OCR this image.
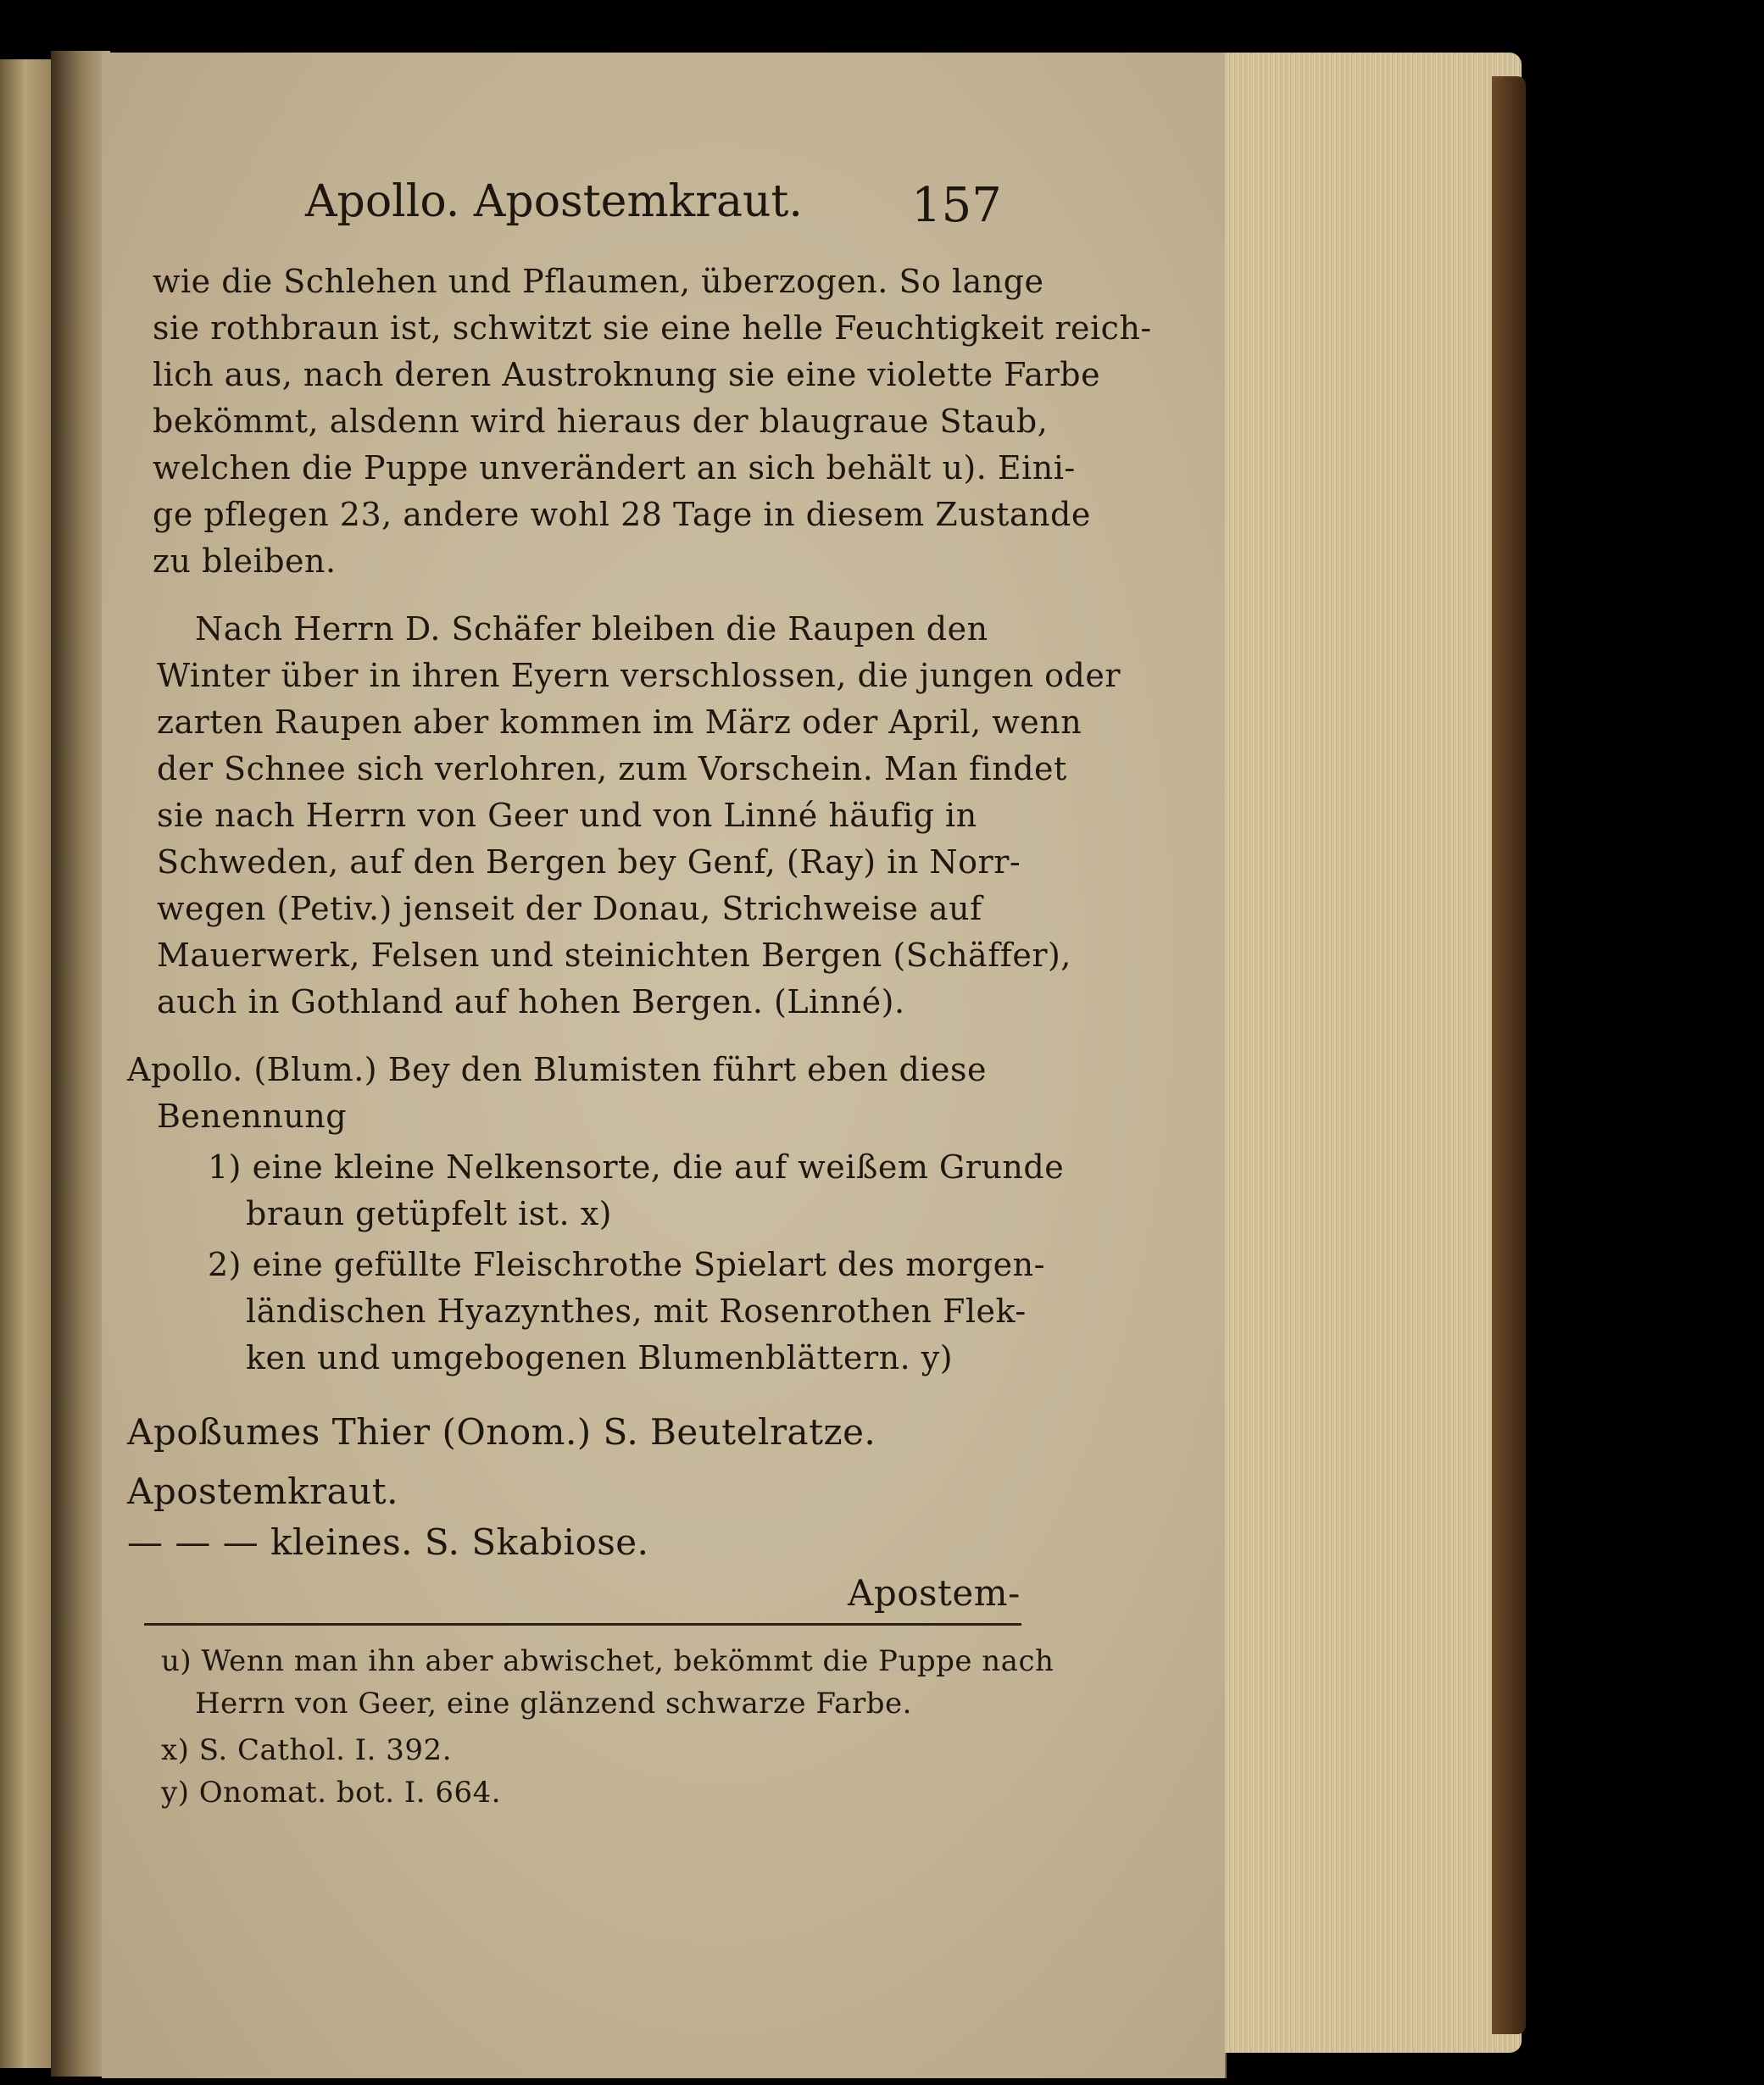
Apollo. Apostemkraut. 157
wie die Schlehen und Pflaumen, überzogen. So lange
sie rothbraun ist, schwitzt sie eine helle Feuchtigkeit reich-
lich aus, nach deren Austroknung sie eine violette Farbe
bekömmt, alsdenn wird hieraus der blaugraue Staub,
welchen die Puppe unverändert an sich behält u). Eini-
ge pflegen 23, andere wohl 28 Tage in diesem Zustande
zu bleiben.
Nach Herrn D. Schäfer bleiben die Raupen den
Winter über in ihren Eyern verschlossen, die jungen oder
zarten Raupen aber kommen im März oder April, wenn
der Schnee sich verlohren, zum Vorschein. Man findet
sie nach Herrn von Geer und von Linné häufig in
Schweden, auf den Bergen bey Genf, (Ray) in Norr-
wegen (Petiv.) jenseit der Donau, Strichweise auf
Mauerwerk, Felsen und steinichten Bergen (Schäffer),
auch in Gothland auf hohen Bergen. (Linné).
Apollo. (Blum.) Bey den Blumisten führt eben diese
Benennung
1) eine kleine Nelkensorte, die auf weißem Grunde
braun getüpfelt ist. x)
2) eine gefüllte Fleischrothe Spielart des morgen-
ländischen Hyazynthes, mit Rosenrothen Flek-
ken und umgebogenen Blumenblättern. y)
Apoßumes Thier (Onom.) S. Beutelratze.
Apostemkraut.
— — — kleines. S. Skabiose.
Apostem-
u) Wenn man ihn aber abwischet, bekömmt die Puppe nach
Herrn von Geer, eine glänzend schwarze Farbe.
x) S. Cathol. I. 392.
y) Onomat. bot. I. 664.
